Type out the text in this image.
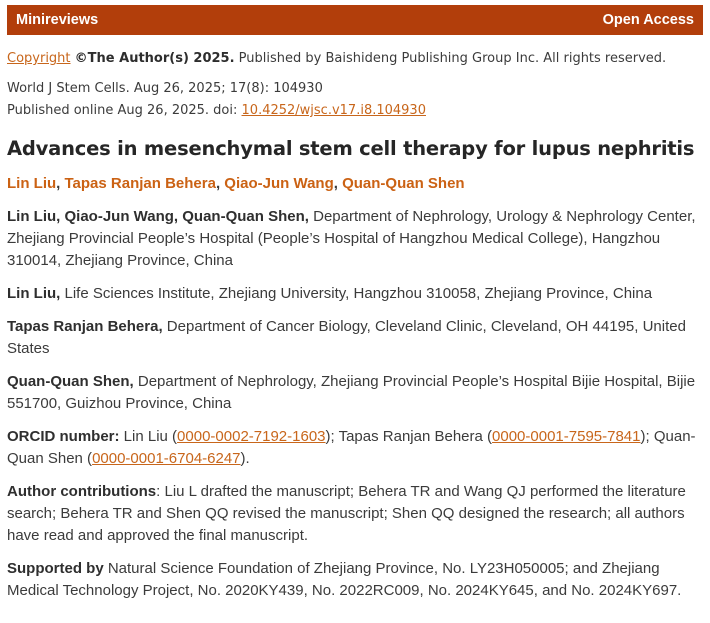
Minireviews	Open Access

Copyright ©The Author(s) 2025. Published by Baishideng Publishing Group Inc. All rights reserved.

World J Stem Cells. Aug 26, 2025; 17(8): 104930

Published online Aug 26, 2025. doi: 10.4252/wjsc.v17.i8.104930

Advances in mesenchymal stem cell therapy for lupus nephritis

Lin Liu, Tapas Ranjan Behera, Qiao-Jun Wang, Quan-Quan Shen

Lin Liu, Qiao-Jun Wang, Quan-Quan Shen, Department of Nephrology, Urology & Nephrology Center, Zhejiang Provincial People’s Hospital (People’s Hospital of Hangzhou Medical College), Hangzhou 310014, Zhejiang Province, China

Lin Liu, Life Sciences Institute, Zhejiang University, Hangzhou 310058, Zhejiang Province, China

Tapas Ranjan Behera, Department of Cancer Biology, Cleveland Clinic, Cleveland, OH 44195, United States

Quan-Quan Shen, Department of Nephrology, Zhejiang Provincial People’s Hospital Bijie Hospital, Bijie 551700, Guizhou Province, China

ORCID number: Lin Liu (0000-0002-7192-1603); Tapas Ranjan Behera (0000-0001-7595-7841); Quan-Quan Shen (0000-0001-6704-6247).

Author contributions: Liu L drafted the manuscript; Behera TR and Wang QJ performed the literature search; Behera TR and Shen QQ revised the manuscript; Shen QQ designed the research; all authors have read and approved the final manuscript.

Supported by Natural Science Foundation of Zhejiang Province, No. LY23H050005; and Zhejiang Medical Technology Project, No. 2020KY439, No. 2022RC009, No. 2024KY645, and No. 2024KY697.
